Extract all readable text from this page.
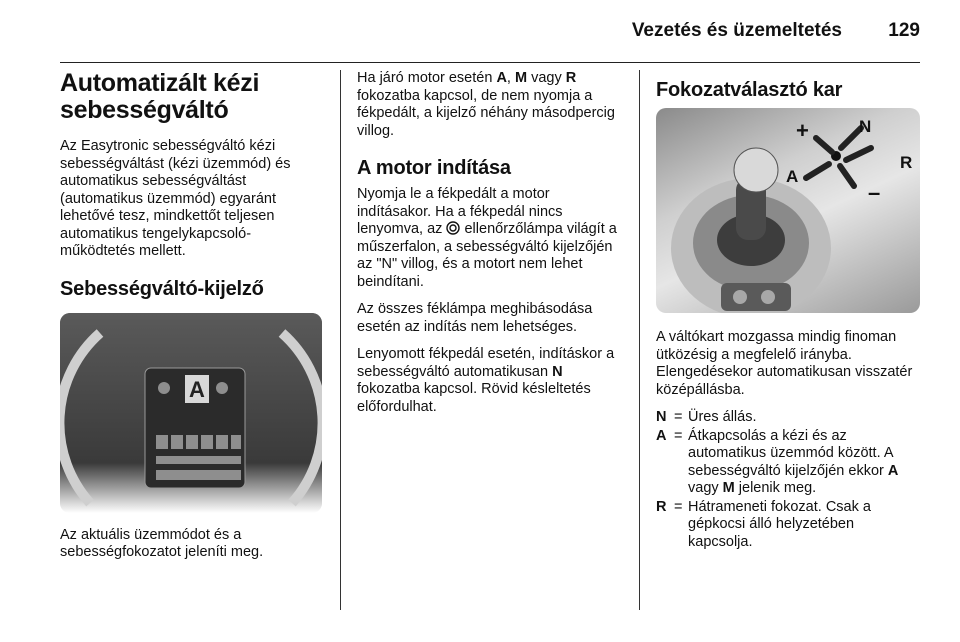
Vezetés és üzemeltetés 129
Automatizált kézi sebességváltó

Az Easytronic sebességváltó kézi sebességváltást (kézi üzemmód) és automatikus sebességváltást (automatikus üzemmód) egyaránt lehetővé tesz, mindkettőt teljesen automatikus tengelykapcsoló-működtetés mellett.

Sebességváltó-kijelző
A

Az aktuális üzemmódot és a sebességfokozatot jeleníti meg.

Ha járó motor esetén A, M vagy R fokozatba kapcsol, de nem nyomja a fékpedált, a kijelző néhány másodpercig villog.

A motor indítása

Nyomja le a fékpedált a motor indításakor. Ha a fékpedál nincs lenyomva, az  ellenőrzőlámpa világít a műszerfalon, a sebességváltó kijelzőjén az "N" villog, és a motort nem lehet beindítani.

Az összes féklámpa meghibásodása esetén az indítás nem lehetséges.

Lenyomott fékpedál esetén, indításkor a sebességváltó automatikusan N fokozatba kapcsol. Rövid késleltetés előfordulhat.

Fokozatválasztó kar
+	N
R
A
–

A váltókart mozgassa mindig finoman ütközésig a megfelelő irányba. Elengedésekor automatikusan visszatér középállásba.

N = Üres állás.
A = Átkapcsolás a kézi és az automatikus üzemmód között. A sebességváltó kijelzőjén ekkor A vagy M jelenik meg.
R = Hátrameneti fokozat. Csak a gépkocsi álló helyzetében kapcsolja.
